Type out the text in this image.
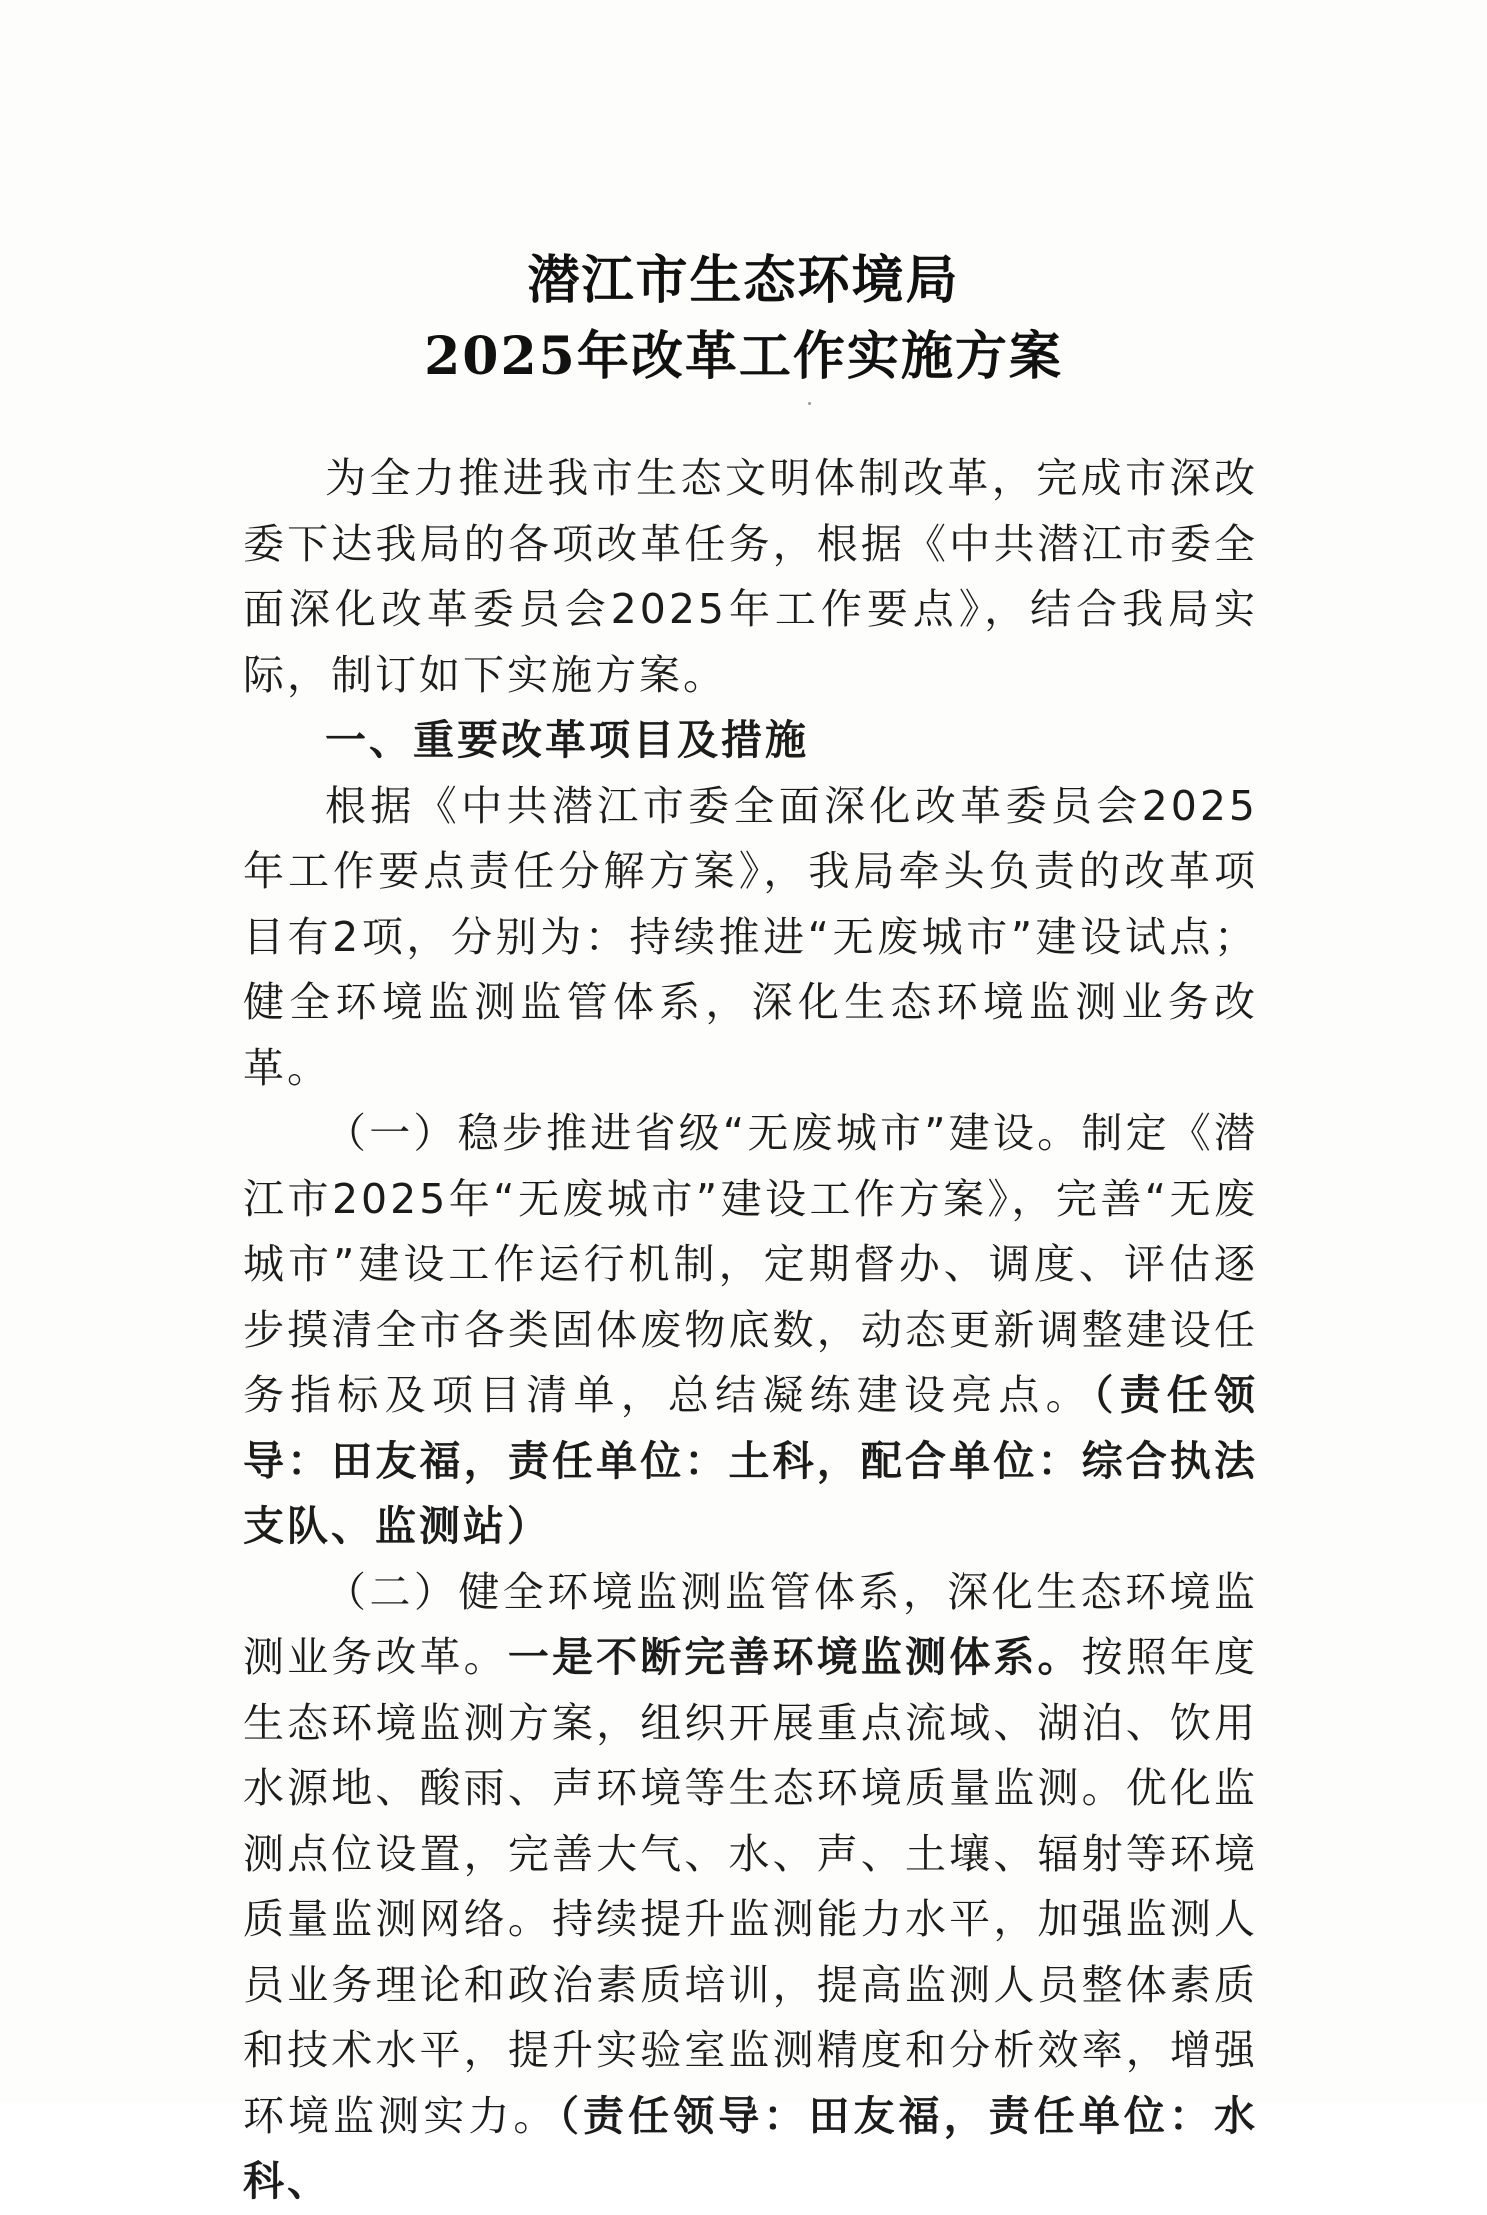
潜江市生态环境局
2025年改革工作实施方案

为全力推进我市生态文明体制改革，完成市深改委下达我局的各项改革任务，根据《中共潜江市委全面深化改革委员会2025年工作要点》，结合我局实际，制订如下实施方案。

一、重要改革项目及措施

根据《中共潜江市委全面深化改革委员会2025年工作要点责任分解方案》，我局牵头负责的改革项目有2项，分别为：持续推进“无废城市”建设试点；健全环境监测监管体系，深化生态环境监测业务改革。

（一）稳步推进省级“无废城市”建设。制定《潜江市2025年“无废城市”建设工作方案》，完善“无废城市”建设工作运行机制，定期督办、调度、评估逐步摸清全市各类固体废物底数，动态更新调整建设任务指标及项目清单，总结凝练建设亮点。（责任领导：田友福，责任单位：土科，配合单位：综合执法支队、监测站）

（二）健全环境监测监管体系，深化生态环境监测业务改革。一是不断完善环境监测体系。按照年度生态环境监测方案，组织开展重点流域、湖泊、饮用水源地、酸雨、声环境等生态环境质量监测。优化监测点位设置，完善大气、水、声、土壤、辐射等环境质量监测网络。持续提升监测能力水平，加强监测人员业务理论和政治素质培训，提高监测人员整体素质和技术水平，提升实验室监测精度和分析效率，增强环境监测实力。（责任领导：田友福，责任单位：水科、
